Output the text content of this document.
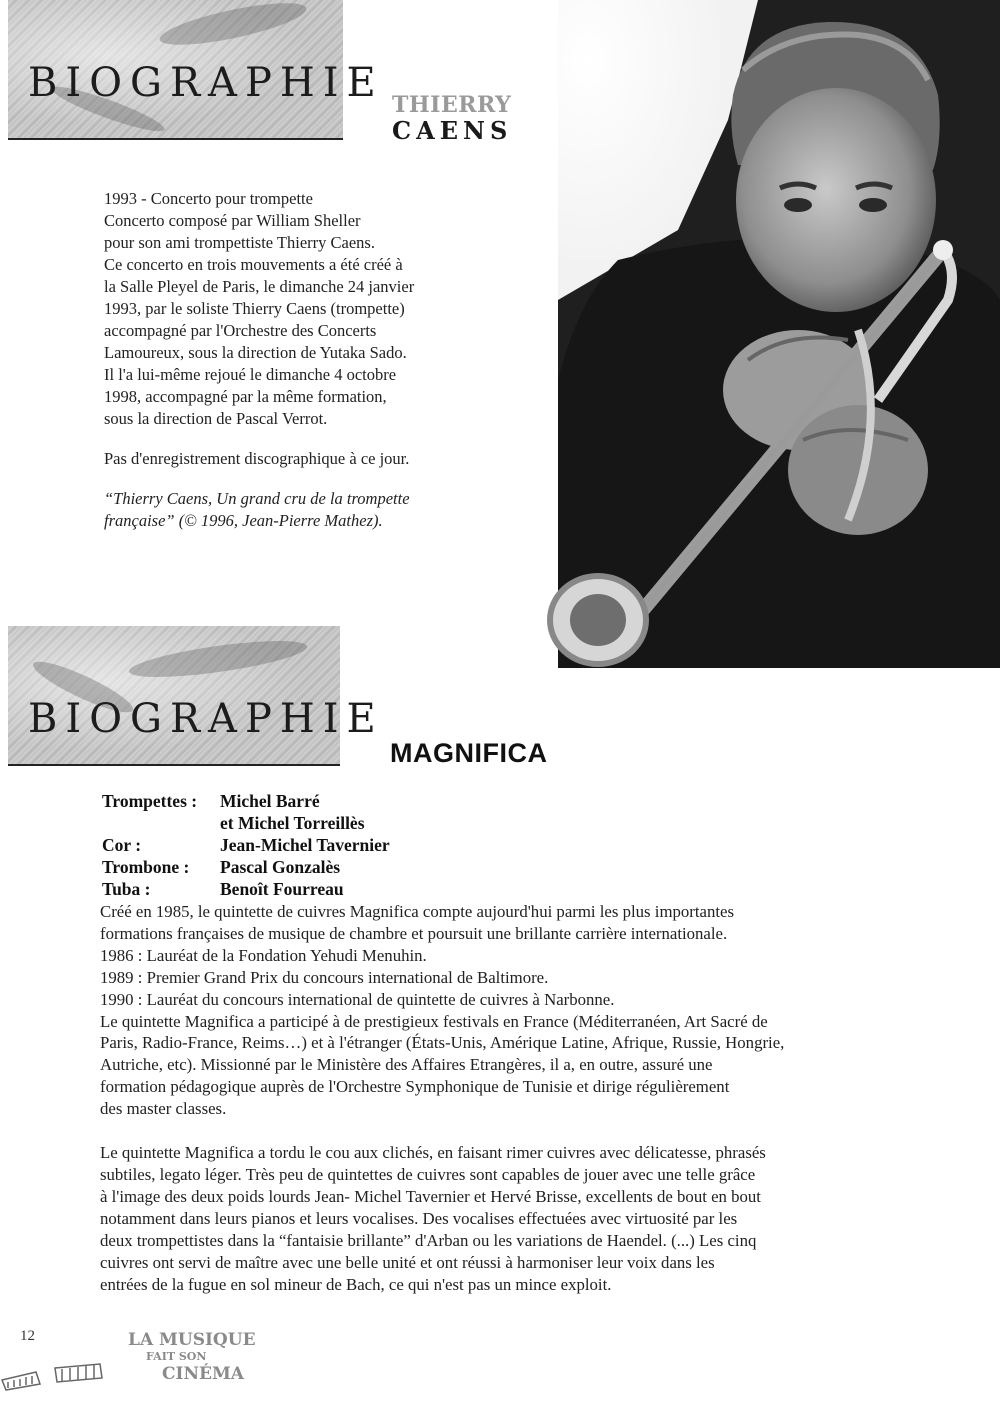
BIOGRAPHIE THIERRY
CAENS
1993 - Concerto pour trompette
Concerto composé par William Sheller
pour son ami trompettiste Thierry Caens.
Ce concerto en trois mouvements a été créé à
la Salle Pleyel de Paris, le dimanche 24 janvier
1993, par le soliste Thierry Caens (trompette)
accompagné par l'Orchestre des Concerts
Lamoureux, sous la direction de Yutaka Sado.
Il l'a lui-même rejoué le dimanche 4 octobre
1998, accompagné par la même formation,
sous la direction de Pascal Verrot.
Pas d'enregistrement discographique à ce jour.
“Thierry Caens, Un grand cru de la trompette
française” (© 1996, Jean-Pierre Mathez).
BIOGRAPHIE
MAGNIFICA
Trompettes :	Michel Barré
et Michel Torreillès
Cor :	Jean-Michel Tavernier
Trombone :	Pascal Gonzalès
Tuba :	Benoît Fourreau
Créé en 1985, le quintette de cuivres Magnifica compte aujourd'hui parmi les plus importantes
formations françaises de musique de chambre et poursuit une brillante carrière internationale.
1986 : Lauréat de la Fondation Yehudi Menuhin.
1989 : Premier Grand Prix du concours international de Baltimore.
1990 : Lauréat du concours international de quintette de cuivres à Narbonne.
Le quintette Magnifica a participé à de prestigieux festivals en France (Méditerranéen, Art Sacré de
Paris, Radio-France, Reims…) et à l'étranger (États-Unis, Amérique Latine, Afrique, Russie, Hongrie,
Autriche, etc). Missionné par le Ministère des Affaires Etrangères, il a, en outre, assuré une
formation pédagogique auprès de l'Orchestre Symphonique de Tunisie et dirige régulièrement
des master classes.
Le quintette Magnifica a tordu le cou aux clichés, en faisant rimer cuivres avec délicatesse, phrasés
subtiles, legato léger. Très peu de quintettes de cuivres sont capables de jouer avec une telle grâce
à l'image des deux poids lourds Jean- Michel Tavernier et Hervé Brisse, excellents de bout en bout
notamment dans leurs pianos et leurs vocalises. Des vocalises effectuées avec virtuosité par les
deux trompettistes dans la “fantaisie brillante” d'Arban ou les variations de Haendel. (...) Les cinq
cuivres ont servi de maître avec une belle unité et ont réussi à harmoniser leur voix dans les
entrées de la fugue en sol mineur de Bach, ce qui n'est pas un mince exploit.
12	LA MUSIQUE
FAIT SON
CINÉMA
